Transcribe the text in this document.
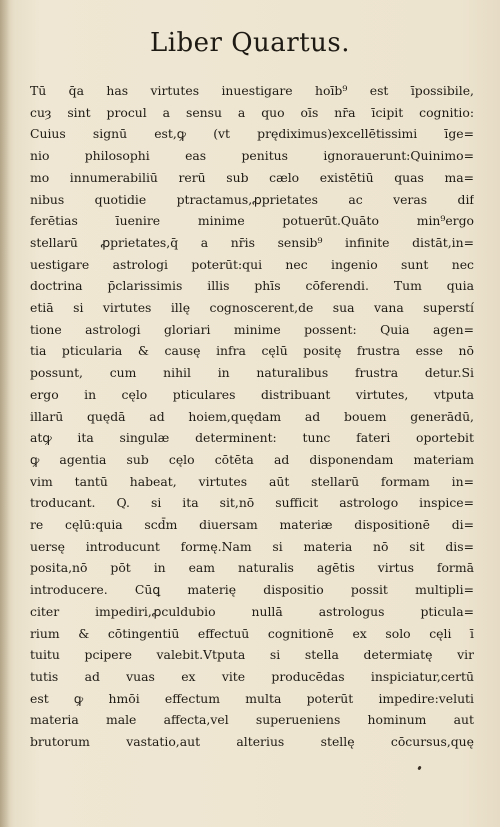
Liber Quartus.
Tū q̄a has virtutes inuestigare hoīb⁹ est īpossibile,
cuȝ sint procul a sensu a quo oīs nr̄a īcipit cognitio:
Cuius signū est,ꝙ (vt prędiximus)excellētissimi īge=
nio philosophi eas penitus ignorauerunt:Quinimo=
mo innumerabiliū rerū sub cælo existētiū quas ma=
nibus quotidie ptractamus,ꝓprietates ac veras dif
ferētias īuenire minime potuerūt.Quāto min⁹ergo
stellarū ꝓprietates,q̄ a nr̄is sensib⁹ infinite distāt,in=
uestigare astrologi poterūt:qui nec ingenio sunt nec
doctrina p̄clarissimis illis phīs cōferendi. Tum quia
etiā si virtutes illę cognoscerent,de sua vana superstí
tione astrologi gloriari minime possent: Quia agen=
tia pticularia & causę infra cęlū positę frustra esse nō
possunt, cum nihil in naturalibus frustra detur.Si
ergo in cęlo pticulares distribuant virtutes, vtputa
illarū quędā ad hoiem,quędam ad bouem generādū,
atꝙ ita singulæ determinent: tunc fateri oportebit
ꝙ agentia sub cęlo cōtēta ad disponendam materiam
vim tantū habeat, virtutes aūt stellarū formam in=
troducant. Q. si ita sit,nō sufficit astrologo inspice=
re cęlū:quia scd̄m diuersam materiæ dispositionē di=
uersę introducunt formę.Nam si materia nō sit dis=
posita,nō pōt in eam naturalis agētis virtus formā
introducere. Cūꝗ materię dispositio possit multipli=
citer impediri,ꝓculdubio nullā astrologus pticula=
rium & cōtingentiū effectuū cognitionē ex solo cęli ī
tuitu pcipere valebit.Vtputa si stella determiatę vir
tutis ad vuas ex vite producēdas inspiciatur,certū
est ꝙ hmōi effectum multa poterūt impedire:veluti
materia male affecta,vel superueniens hominum aut
brutorum vastatio,aut alterius stellę cōcursus,quę
